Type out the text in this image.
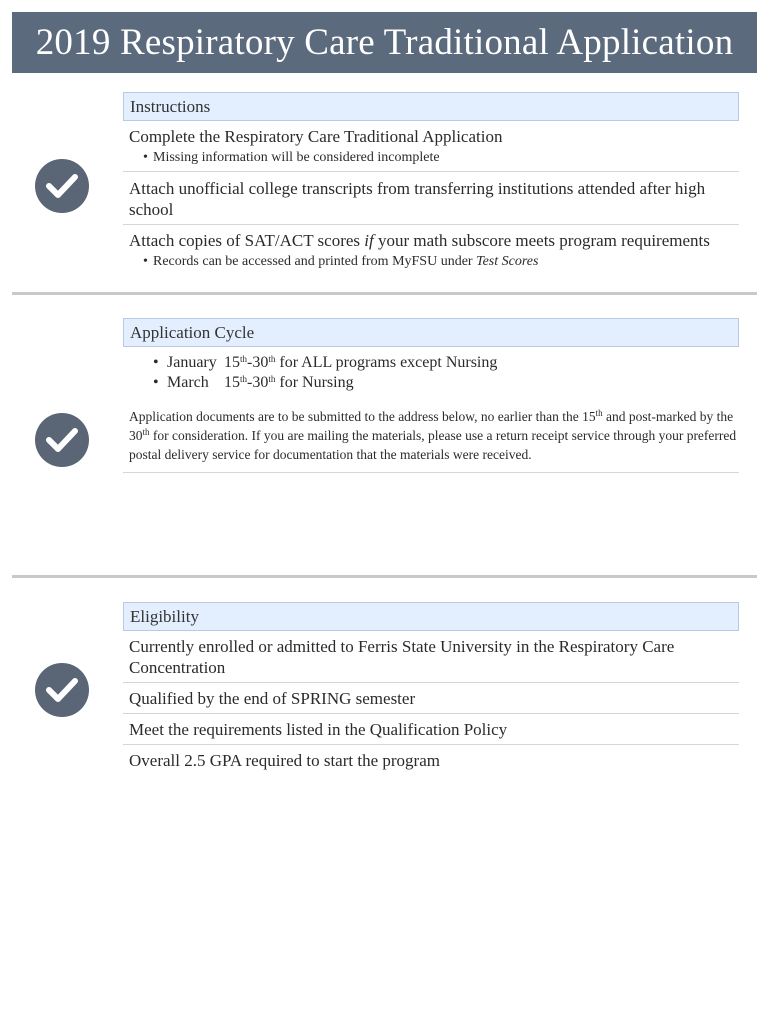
2019 Respiratory Care Traditional Application
Instructions
Complete the Respiratory Care Traditional Application
• Missing information will be considered incomplete
Attach unofficial college transcripts from transferring institutions attended after high school
Attach copies of SAT/ACT scores if your math subscore meets program requirements
• Records can be accessed and printed from MyFSU under Test Scores
Application Cycle
• January 15th-30th for ALL programs except Nursing
• March 15th-30th for Nursing
Application documents are to be submitted to the address below, no earlier than the 15th and post-marked by the 30th for consideration. If you are mailing the materials, please use a return receipt service through your preferred postal delivery service for documentation that the materials were received.
Eligibility
Currently enrolled or admitted to Ferris State University in the Respiratory Care Concentration
Qualified by the end of SPRING semester
Meet the requirements listed in the Qualification Policy
Overall 2.5 GPA required to start the program
